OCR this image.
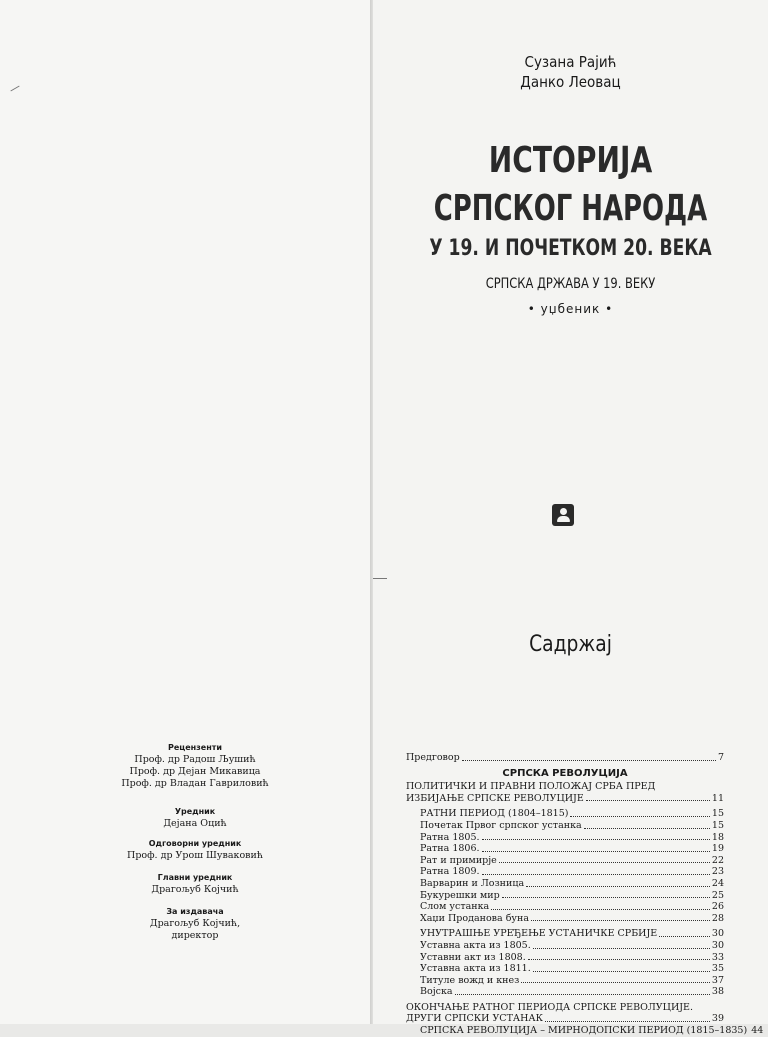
Рецензенти
Проф. др Радош Љушић
Проф. др Дејан Микавица
Проф. др Владан Гавриловић
Уредник
Дејана Оцић
Одговорни уредник
Проф. др Урош Шуваковић
Главни уредник
Драгољуб Којчић
За издавача
Драгољуб Којчић,
директор
Сузана Рајић
Данко Леовац
ИСТОРИЈА
СРПСКОГ НАРОДА
У 19. И ПОЧЕТКОМ 20. ВЕКА
СРПСКА ДРЖАВА У 19. ВЕКУ
• уџбеник •
Садржај
Предговор	7
СРПСКА РЕВОЛУЦИЈА
ПОЛИТИЧКИ И ПРАВНИ ПОЛОЖАЈ СРБА ПРЕД
ИЗБИЈАЊЕ СРПСКЕ РЕВОЛУЦИЈЕ	11
РАТНИ ПЕРИОД (1804–1815)	15
Почетак Првог српског устанка	15
Ратна 1805.	18
Ратна 1806.	19
Рат и примирје	22
Ратна 1809.	23
Варварин и Лозница	24
Букурешки мир	25
Слом устанка	26
Хаџи Проданова буна	28
УНУТРАШЊЕ УРЕЂЕЊЕ УСТАНИЧКЕ СРБИЈЕ	30
Уставна акта из 1805.	30
Уставни акт из 1808.	33
Уставна акта из 1811.	35
Титуле вожд и кнез	37
Војска	38
ОКОНЧАЊЕ РАТНОГ ПЕРИОДА СРПСКЕ РЕВОЛУЦИЈЕ.
ДРУГИ СРПСКИ УСТАНАК	39
СРПСКА РЕВОЛУЦИЈА – МИРНОДОПСКИ ПЕРИОД (1815–1835) 44
